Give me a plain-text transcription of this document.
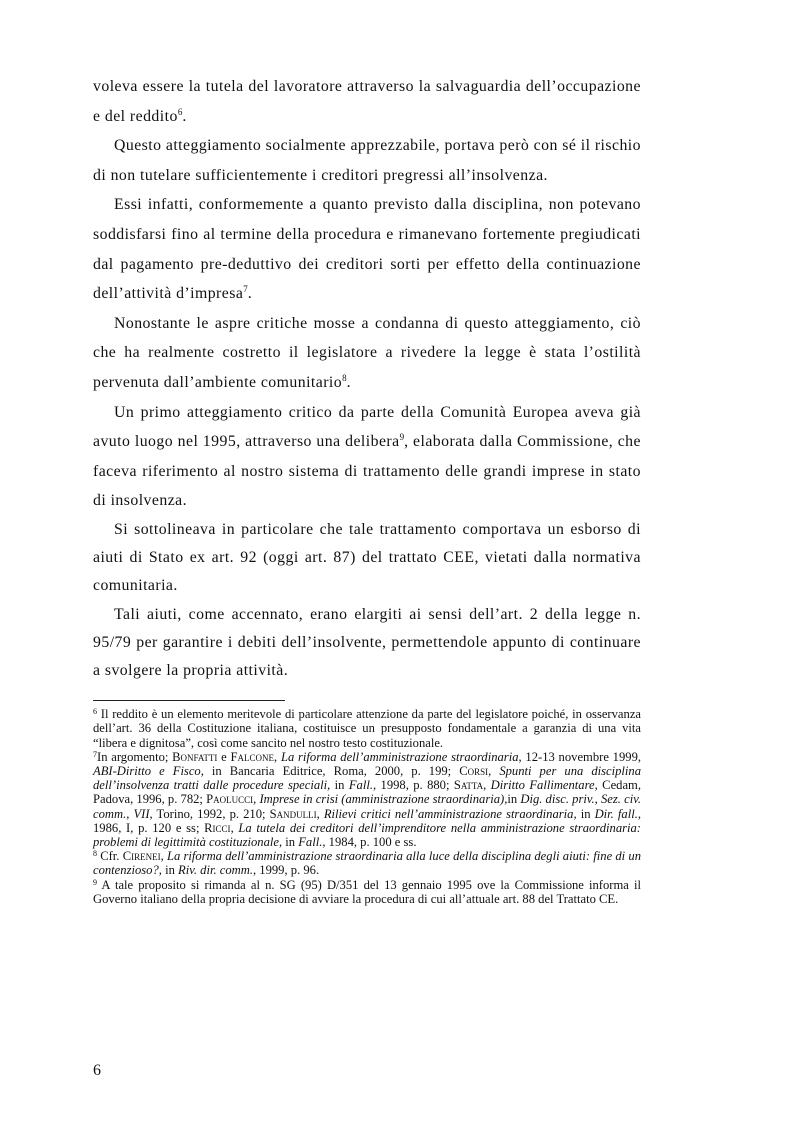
voleva essere la tutela del lavoratore attraverso la salvaguardia dell’occupazione e del reddito$^6$.

Questo atteggiamento socialmente apprezzabile, portava però con sé il rischio di non tutelare sufficientemente i creditori pregressi all’insolvenza.

Essi infatti, conformemente a quanto previsto dalla disciplina, non potevano soddisfarsi fino al termine della procedura e rimanevano fortemente pregiudicati dal pagamento pre-deduttivo dei creditori sorti per effetto della continuazione dell’attività d’impresa$^7$.

Nonostante le aspre critiche mosse a condanna di questo atteggiamento, ciò che ha realmente costretto il legislatore a rivedere la legge è stata l’ostilità pervenuta dall’ambiente comunitario$^8$.

Un primo atteggiamento critico da parte della Comunità Europea aveva già avuto luogo nel 1995, attraverso una delibera$^9$, elaborata dalla Commissione, che faceva riferimento al nostro sistema di trattamento delle grandi imprese in stato di insolvenza.

Si sottolineava in particolare che tale trattamento comportava un esborso di aiuti di Stato ex art. 92 (oggi art. 87) del trattato CEE, vietati dalla normativa comunitaria.

Tali aiuti, come accennato, erano elargiti ai sensi dell’art. 2 della legge n. 95/79 per garantire i debiti dell’insolvente, permettendole appunto di continuare a svolgere la propria attività.

$^6$ Il reddito è un elemento meritevole di particolare attenzione da parte del legislatore poiché, in osservanza dell’art. 36 della Costituzione italiana, costituisce un presupposto fondamentale a garanzia di una vita “libera e dignitosa”, così come sancito nel nostro testo costituzionale.

$^7$In argomento; Bonfatti e Falcone, La riforma dell’amministrazione straordinaria, 12-13 novembre 1999, ABI-Diritto e Fisco, in Bancaria Editrice, Roma, 2000, p. 199; Corsi, Spunti per una disciplina dell’insolvenza tratti dalle procedure speciali, in Fall., 1998, p. 880; Satta, Diritto Fallimentare, Cedam, Padova, 1996, p. 782; Paolucci, Imprese in crisi (amministrazione straordinaria),in Dig. disc. priv., Sez. civ. comm., VII, Torino, 1992, p. 210; Sandulli, Rilievi critici nell’amministrazione straordinaria, in Dir. fall., 1986, I, p. 120 e ss; Ricci, La tutela dei creditori dell’imprenditore nella amministrazione straordinaria: problemi di legittimità costituzionale, in Fall., 1984, p. 100 e ss.

$^8$ Cfr. Cireneı, La riforma dell’amministrazione straordinaria alla luce della disciplina degli aiuti: fine di un contenzioso?, in Riv. dir. comm., 1999, p. 96.

$^9$ A tale proposito si rimanda al n. SG (95) D/351 del 13 gennaio 1995 ove la Commissione informa il Governo italiano della propria decisione di avviare la procedura di cui all’attuale art. 88 del Trattato CE.

6
